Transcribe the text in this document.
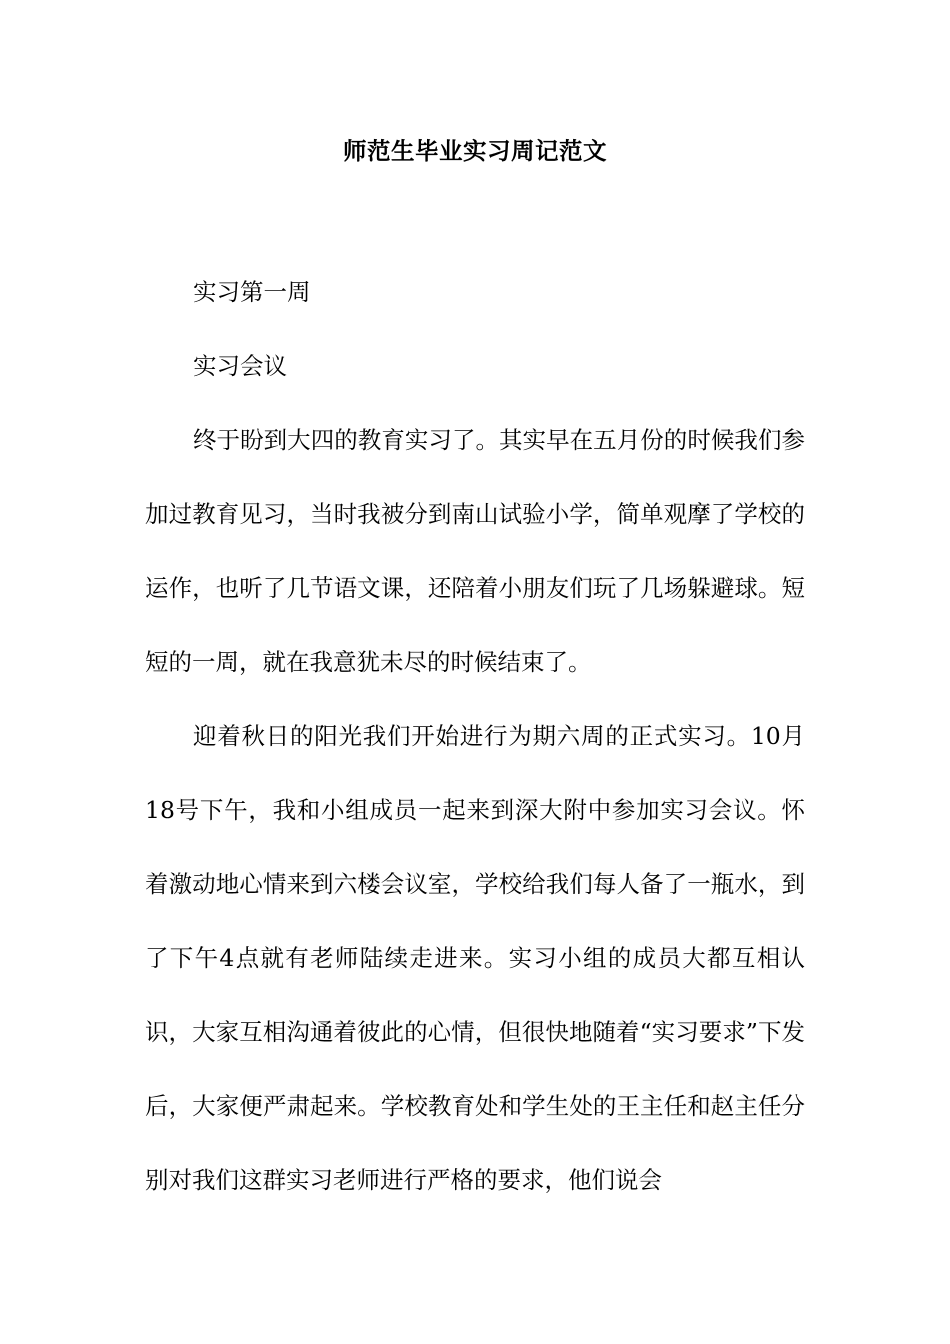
师范生毕业实习周记范文

实习第一周

实习会议

终于盼到大四的教育实习了。其实早在五月份的时候我们参加过教育见习，当时我被分到南山试验小学，简单观摩了学校的运作，也听了几节语文课，还陪着小朋友们玩了几场躲避球。短短的一周，就在我意犹未尽的时候结束了。

迎着秋日的阳光我们开始进行为期六周的正式实习。10月18号下午，我和小组成员一起来到深大附中参加实习会议。怀着激动地心情来到六楼会议室，学校给我们每人备了一瓶水，到了下午4点就有老师陆续走进来。实习小组的成员大都互相认识，大家互相沟通着彼此的心情，但很快地随着“实习要求”下发后，大家便严肃起来。学校教育处和学生处的王主任和赵主任分别对我们这群实习老师进行严格的要求，他们说会
